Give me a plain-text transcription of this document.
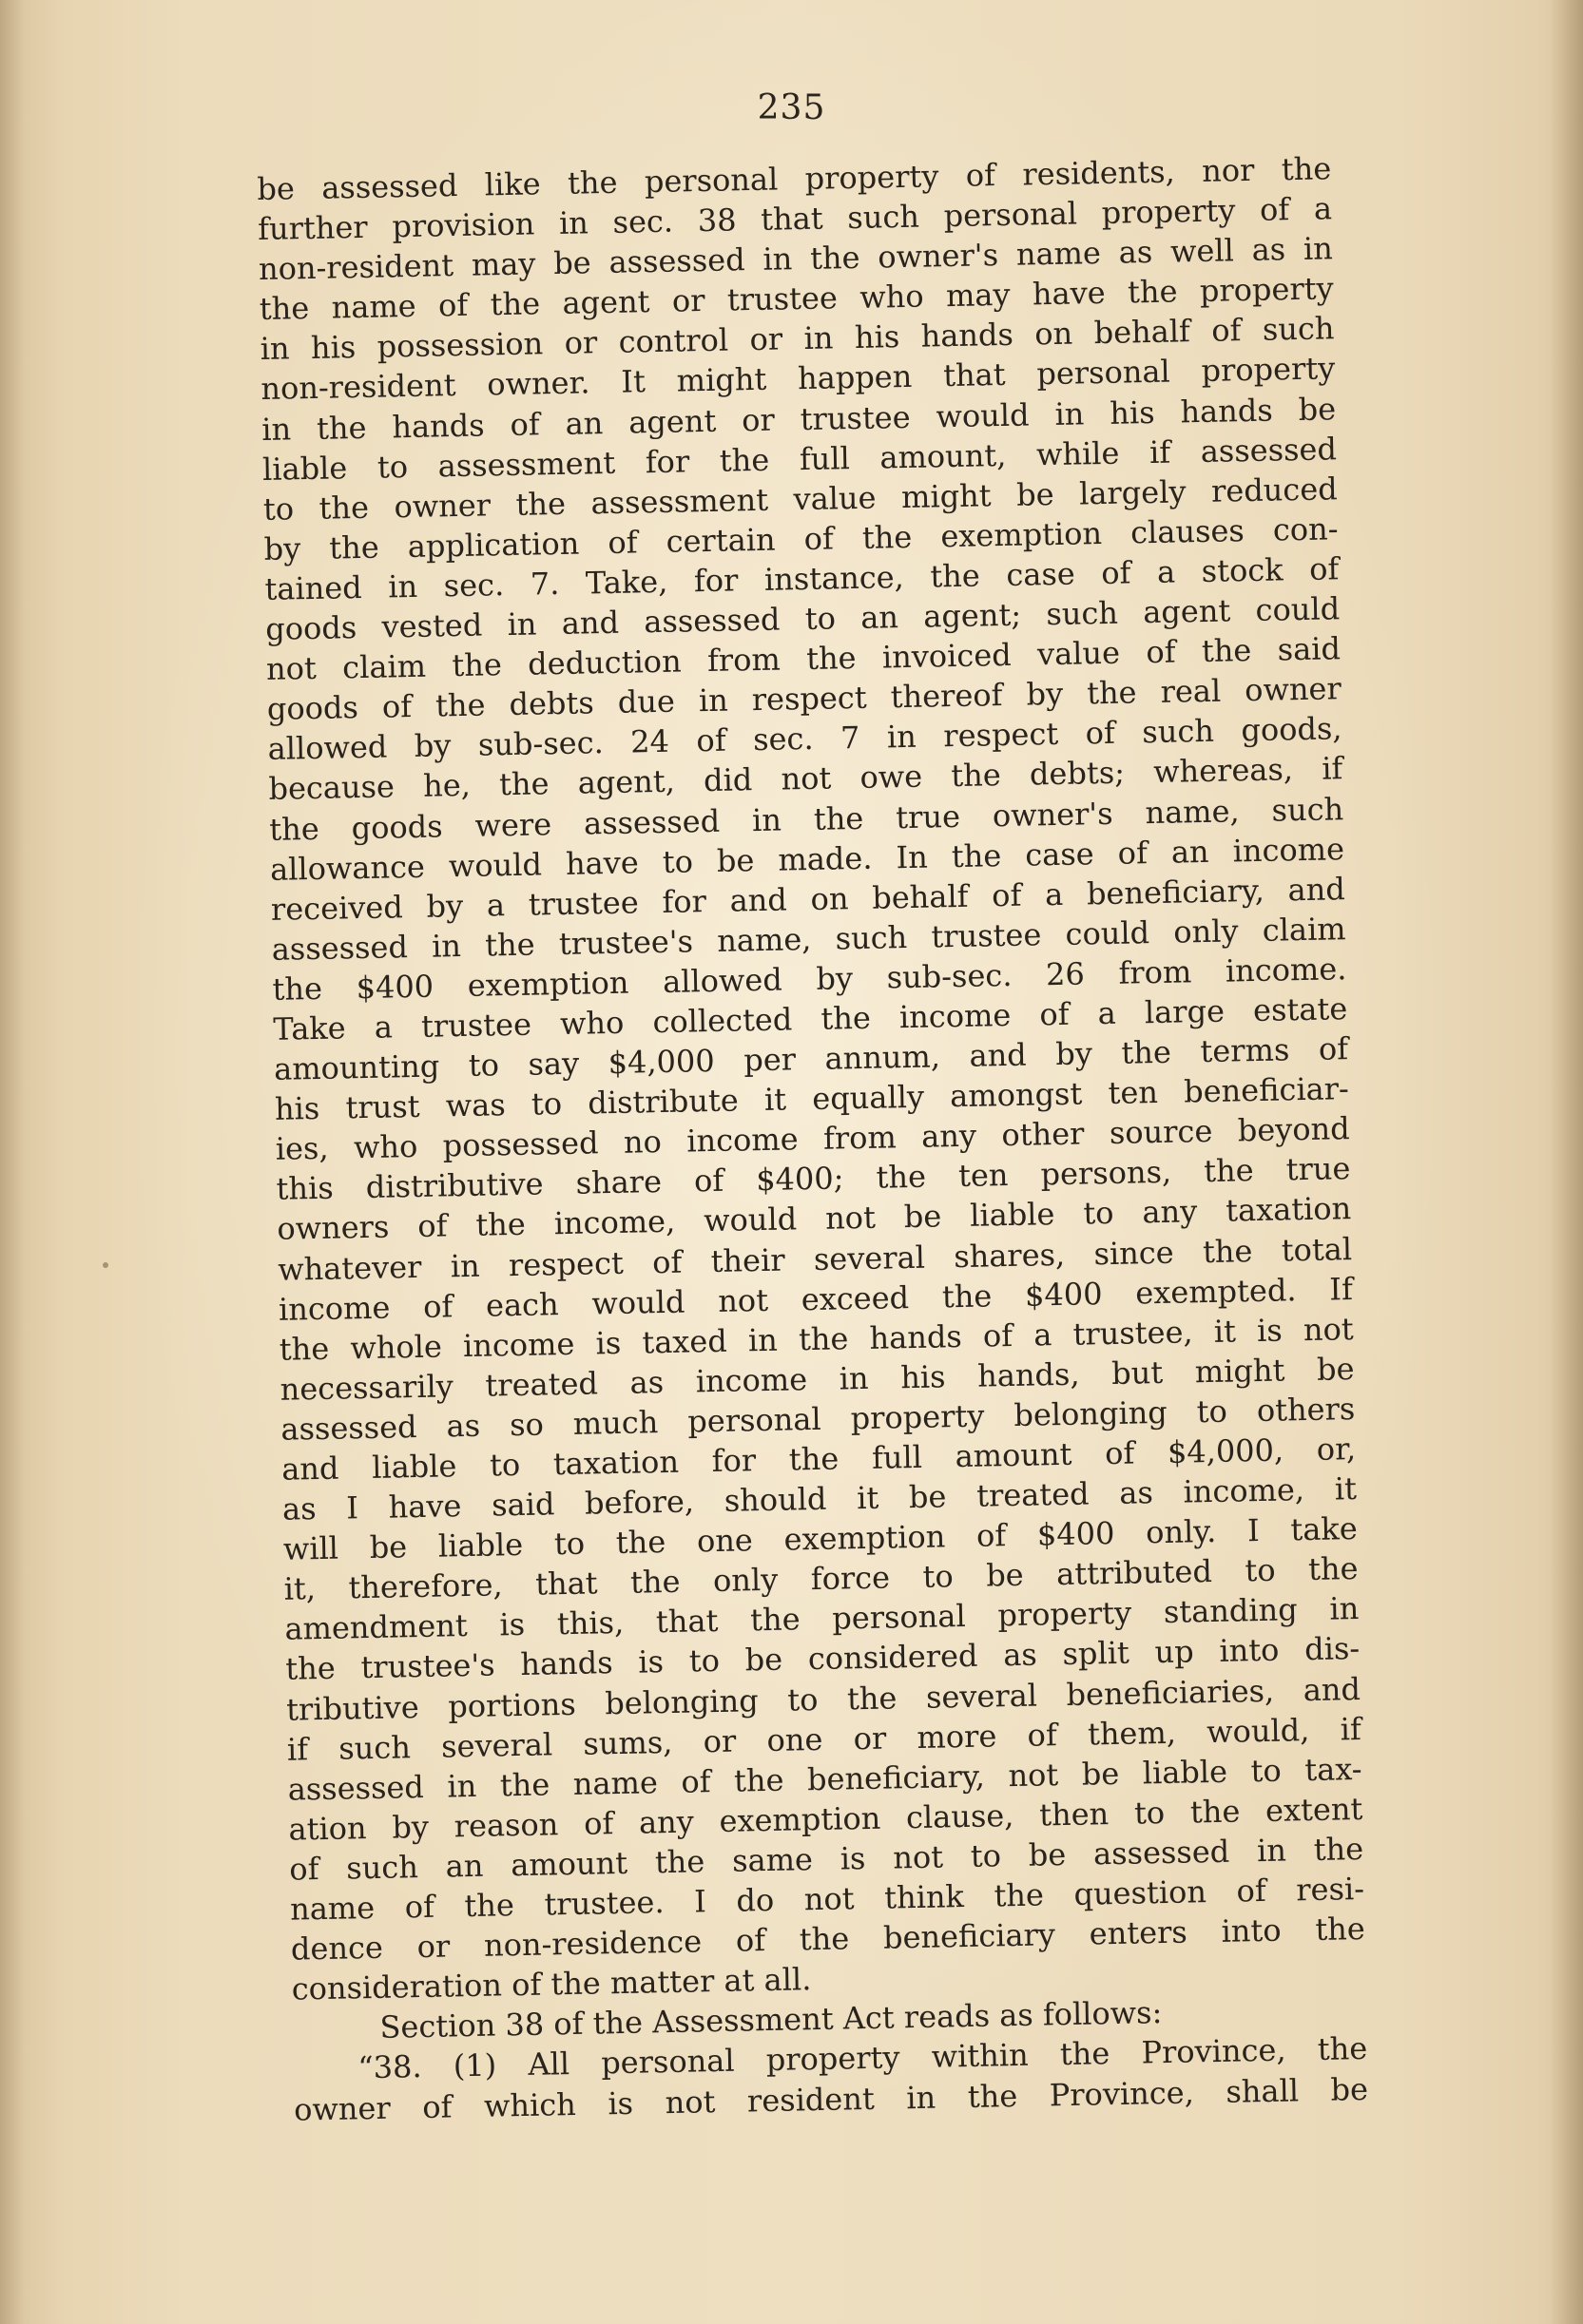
235
be assessed like the personal property of residents, nor the
further provision in sec. 38 that such personal property of a
non-resident may be assessed in the owner's name as well as in
the name of the agent or trustee who may have the property
in his possession or control or in his hands on behalf of such
non-resident owner. It might happen that personal property
in the hands of an agent or trustee would in his hands be
liable to assessment for the full amount, while if assessed
to the owner the assessment value might be largely reduced
by the application of certain of the exemption clauses con-
tained in sec. 7. Take, for instance, the case of a stock of
goods vested in and assessed to an agent; such agent could
not claim the deduction from the invoiced value of the said
goods of the debts due in respect thereof by the real owner
allowed by sub-sec. 24 of sec. 7 in respect of such goods,
because he, the agent, did not owe the debts; whereas, if
the goods were assessed in the true owner's name, such
allowance would have to be made. In the case of an income
received by a trustee for and on behalf of a beneficiary, and
assessed in the trustee's name, such trustee could only claim
the $400 exemption allowed by sub-sec. 26 from income.
Take a trustee who collected the income of a large estate
amounting to say $4,000 per annum, and by the terms of
his trust was to distribute it equally amongst ten beneficiar-
ies, who possessed no income from any other source beyond
this distributive share of $400; the ten persons, the true
owners of the income, would not be liable to any taxation
whatever in respect of their several shares, since the total
income of each would not exceed the $400 exempted. If
the whole income is taxed in the hands of a trustee, it is not
necessarily treated as income in his hands, but might be
assessed as so much personal property belonging to others
and liable to taxation for the full amount of $4,000, or,
as I have said before, should it be treated as income, it
will be liable to the one exemption of $400 only. I take
it, therefore, that the only force to be attributed to the
amendment is this, that the personal property standing in
the trustee's hands is to be considered as split up into dis-
tributive portions belonging to the several beneficiaries, and
if such several sums, or one or more of them, would, if
assessed in the name of the beneficiary, not be liable to tax-
ation by reason of any exemption clause, then to the extent
of such an amount the same is not to be assessed in the
name of the trustee. I do not think the question of resi-
dence or non-residence of the beneficiary enters into the
consideration of the matter at all.
Section 38 of the Assessment Act reads as follows:
“38. (1) All personal property within the Province, the
owner of which is not resident in the Province, shall be
